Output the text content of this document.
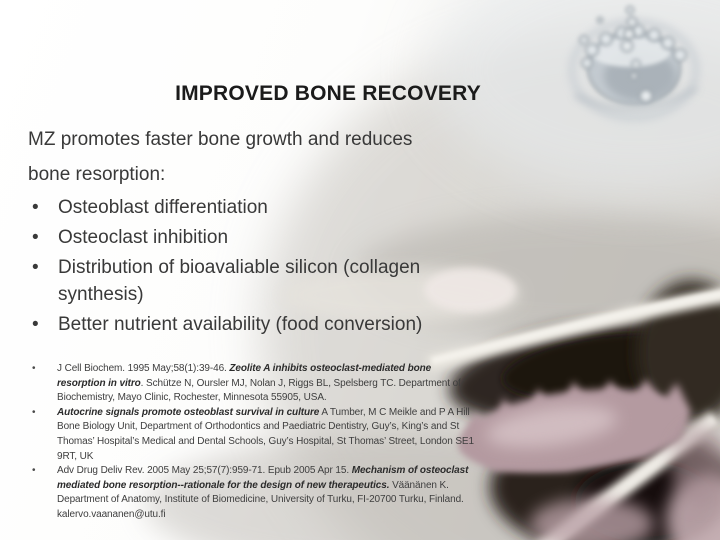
IMPROVED BONE RECOVERY
MZ promotes faster bone growth and reduces
bone resorption:
• Osteoblast differentiation
• Osteoclast inhibition
• Distribution of bioavaliable silicon (collagen synthesis)
• Better nutrient availability (food conversion)
• J Cell Biochem. 1995 May;58(1):39-46. Zeolite A inhibits osteoclast-mediated bone resorption in vitro. Schütze N, Oursler MJ, Nolan J, Riggs BL, Spelsberg TC. Department of Biochemistry, Mayo Clinic, Rochester, Minnesota 55905, USA.
• Autocrine signals promote osteoblast survival in culture A Tumber, M C Meikle and P A Hill Bone Biology Unit, Department of Orthodontics and Paediatric Dentistry, Guy’s, King’s and St Thomas’ Hospital’s Medical and Dental Schools, Guy’s Hospital, St Thomas’ Street, London SE1 9RT, UK
• Adv Drug Deliv Rev. 2005 May 25;57(7):959-71. Epub 2005 Apr 15. Mechanism of osteoclast mediated bone resorption--rationale for the design of new therapeutics. Väänänen K. Department of Anatomy, Institute of Biomedicine, University of Turku, FI-20700 Turku, Finland. kalervo.vaananen@utu.fi
